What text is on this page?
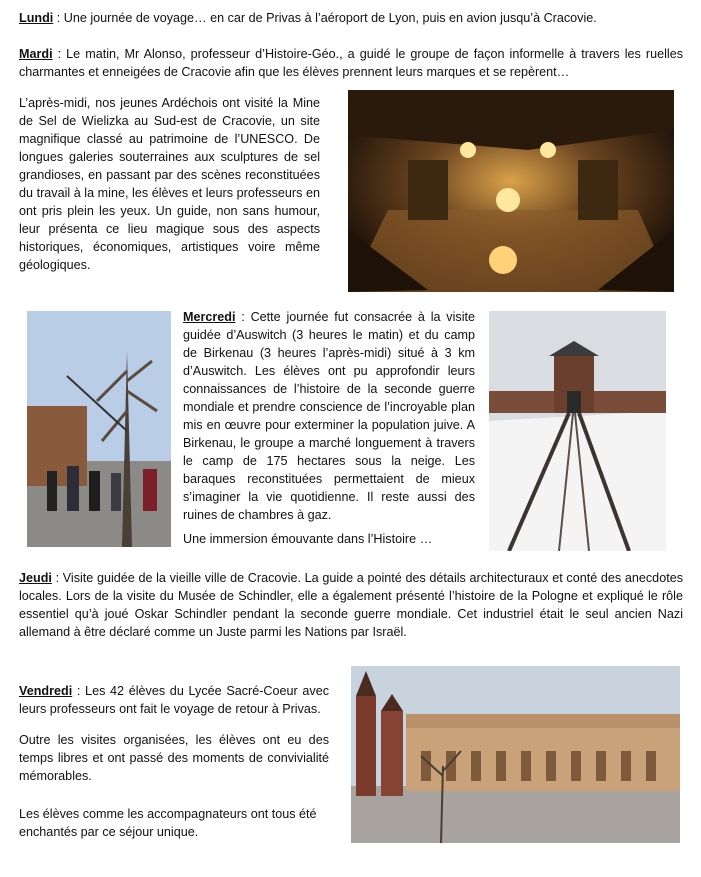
Lundi : Une journée de voyage… en car de Privas à l’aéroport de Lyon, puis en avion jusqu’à Cracovie.
Mardi : Le matin, Mr Alonso, professeur d’Histoire-Géo., a guidé le groupe de façon informelle à travers les ruelles charmantes et enneigées de Cracovie afin que les élèves prennent leurs marques et se repèrent…
L’après-midi, nos jeunes Ardéchois ont visité la Mine de Sel de Wielizka au Sud-est de Cracovie, un site magnifique classé au patrimoine de l’UNESCO. De longues galeries souterraines aux sculptures de sel grandioses, en passant par des scènes reconstituées du travail à la mine, les élèves et leurs professeurs en ont pris plein les yeux. Un guide, non sans humour, leur présenta ce lieu magique sous des aspects historiques, économiques, artistiques voire même géologiques.
Mercredi : Cette journée fut consacrée à la visite guidée d’Auswitch (3 heures le matin) et du camp de Birkenau (3 heures l’après-midi) situé à 3 km d’Auswitch. Les élèves ont pu approfondir leurs connaissances de l’histoire de la seconde guerre mondiale et prendre conscience de l’incroyable plan mis en œuvre pour exterminer la population juive. A Birkenau, le groupe a marché longuement à travers le camp de 175 hectares sous la neige. Les baraques reconstituées permettaient de mieux s’imaginer la vie quotidienne. Il reste aussi des ruines de chambres à gaz.
Une immersion émouvante dans l’Histoire …
Jeudi : Visite guidée de la vieille ville de Cracovie. La guide a pointé des détails architecturaux et conté des anecdotes locales. Lors de la visite du Musée de Schindler, elle a également présenté l’histoire de la Pologne et expliqué le rôle essentiel qu’à joué Oskar Schindler pendant la seconde guerre mondiale. Cet industriel était le seul ancien Nazi allemand à être déclaré comme un Juste parmi les Nations par Israël.
Vendredi : Les 42 élèves du Lycée Sacré-Coeur avec leurs professeurs ont fait le voyage de retour à Privas.
Outre les visites organisées, les élèves ont eu des temps libres et ont passé des moments de convivialité mémorables.
Les élèves comme les accompagnateurs ont tous été enchantés par ce séjour unique.
